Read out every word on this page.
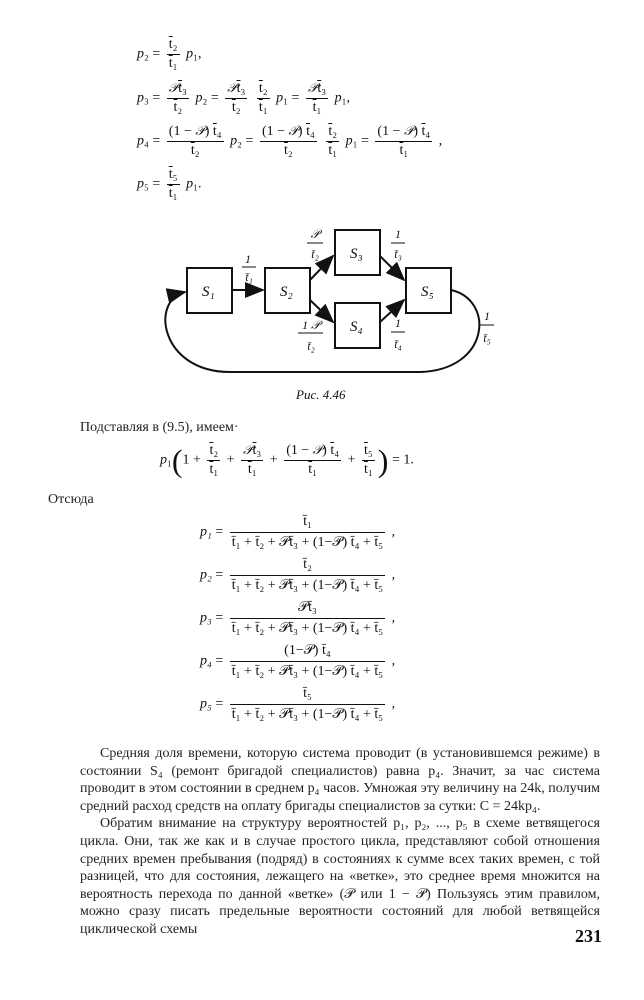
$p_2 = \frac{\overline{t}_2}{\overline{t}_1} p_1$,
$p_3 = \frac{𝒫\overline{t}_3}{\overline{t}_2} p_2 = \frac{𝒫\overline{t}_3}{\overline{t}_2}$
$\frac{\overline{t}_2}{\overline{t}_1} p_1 = \frac{𝒫\overline{t}_3}{\overline{t}_1} p_1$,
$p_4 = \frac{(1 - 𝒫) \overline{t}_4}{\overline{t}_2} p_2 = \frac{(1 - 𝒫) \overline{t}_4}{\overline{t}_2}$
$\frac{\overline{t}_2}{\overline{t}_1} p_1 = \frac{(1 - 𝒫) \overline{t}_4}{\overline{t}_1}$ ,
$p_5 = \frac{\overline{t}_5}{\overline{t}_1} p_1$.
S₁	S₂
S₃
S₄
S₅
1
t̄₁
𝒫
t̄₂
1
t̄₃
1 𝒫
t̄₂
1
t̄₄
1
t̄₅
Рис. 4.46
Подставляя в (9.5), имеем·
$p_1(1 + \frac{\overline{t}_2}{\overline{t}_1} + \frac{𝒫\overline{t}_3}{\overline{t}_1} + \frac{(1 - 𝒫) \overline{t}_4}{\overline{t}_1} + \frac{\overline{t}_5}{\overline{t}_1}$ ) = 1.
Отсюда
$p_1 = \frac{\text{t̄₁}}{\text{t̄₁ + t̄₂ + 𝒫t̄₃ + (1−𝒫) t̄₄ + t̄₅}}$ ,
$p_2 = \frac{\text{t̄₂}}{\text{t̄₁ + t̄₂ + 𝒫t̄₃ + (1−𝒫) t̄₄ + t̄₅}}$ ,
$p_3 = \frac{\text{𝒫t̄₃}}{\text{t̄₁ + t̄₂ + 𝒫t̄₃ + (1−𝒫) t̄₄ + t̄₅}}$ ,
$p_4 = \frac{\text{(1−𝒫) t̄₄}}{\text{t̄₁ + t̄₂ + 𝒫t̄₃ + (1−𝒫) t̄₄ + t̄₅}}$ ,
$p_5 = \frac{\text{t̄₅}}{\text{t̄₁ + t̄₂ + 𝒫t̄₃ + (1−𝒫) t̄₄ + t̄₅}}$ ,

Средняя доля времени, которую система проводит (в установившемся режиме) в состоянии S₄ (ремонт бригадой специалистов) равна p₄. Значит, за час система проводит в этом состоянии в среднем p₄ часов. Умножая эту величину на 24k, получим средний расход средств на оплату бригады специалистов за сутки: C = 24kp₄.

Обратим внимание на структуру вероятностей p₁, p₂, ..., p₅ в схеме ветвящегося цикла. Они, так же как и в случае простого цикла, представляют собой отношения средних времен пребывания (подряд) в состояниях к сумме всех таких времен, с той разницей, что для состояния, лежащего на «ветке», это среднее время множится на вероятность перехода по данной «ветке» (𝒫 или 1 − 𝒫) Пользуясь этим правилом, можно сразу писать предельные вероятности состояний для любой ветвящейся циклической схемы	231
